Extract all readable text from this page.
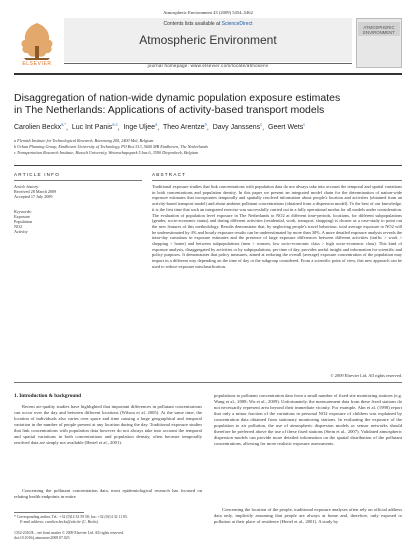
Atmospheric Environment 43 (2009) 5454–5462
ELSEVIER
Contents lists available at ScienceDirect
Atmospheric Environment
ATMOSPHERIC ENVIRONMENT
journal homepage: www.elsevier.com/locate/atmosenv
Disaggregation of nation-wide dynamic population exposure estimates
in The Netherlands: Applications of activity-based transport models
Carolien Beckx$^{a,*}$,  Luc Int Panis$^{a,c}$,  Inge Uljee$^a$,  Theo Arentze$^b$,  Davy Janssens$^c$,  Geert Wets$^c$
a Flemish Institute for Technological Research, Boeretang 200, 2400 Mol, Belgium
b Urban Planning Group, Eindhoven University of Technology, PO Box 513, 5600 MB Eindhoven, The Netherlands
c Transportation Research Institute, Hasselt University, Wetenschapspark 5 bus 6, 3590 Diepenbeek, Belgium
ARTICLE INFO
Article history:
Received 28 March 2009
Accepted 17 July 2009
Keywords:
Exposure
Population
NO2
Activity
ABSTRACT
Traditional exposure studies that link concentrations with population data do not always take into account the temporal and spatial variations in both concentrations and population density. In this paper we present an integrated model chain for the determination of nation-wide exposure estimates that incorporates temporally and spatially resolved information about people's location and activities (obtained from an activity-based transport model) and about ambient pollutant concentrations (obtained from a dispersion model). To the best of our knowledge, it is the first time that such an integrated exercise was successfully carried out in a fully operational modus for all models under consideration. The evaluation of population level exposure in The Netherlands to NO2 at different time-periods, locations, for different subpopulations (gender, socio-economic status) and during different activities (residential, work, transport, shopping) is chosen as a case-study to point out the new features of this methodology. Results demonstrate that, by neglecting people's travel behaviour, total average exposure to NO2 will be underestimated by 4% and hourly exposure results can be underestimated by more than 30%. A more detailed exposure analysis reveals the intra-day variations in exposure estimates and the presence of large exposure differences between different activities (traffic > work > shopping > home) and between subpopulations (men > women, low socio-economic class > high socio-economic class). This kind of exposure analysis, disaggregated by activities or by subpopulations, per time of day, provides useful insight and information for scientific and policy purposes. It demonstrates that policy measures, aimed at reducing the overall (average) exposure concentration of the population may impact in a different way depending on the time of day or the subgroup considered. From a scientific point of view, this new approach can be used to reduce exposure misclassification.
© 2009 Elsevier Ltd. All rights reserved.
1. Introduction & background
Recent air-quality studies have highlighted that important differences in pollutant concentrations can occur over the day and between different locations (Wilson et al, 2005). At the same time, the location of individuals also varies over space and time causing a large geographical and temporal variation in the number of people present at any location during the day. Traditional exposure studies that link concentrations with population data however do not always take into account the temporal and spatial variations in both concentrations and population density, often because temporally resolved data are simply not available (Hertel et al., 2001).
Concerning the pollutant concentration data, most epidemiological research has focused on relating health endpoints in entire
populations to pollutant concentration data from a small number of fixed site monitoring stations (e.g. Wang et al., 2008; Wu et al., 2009). Unfortunately, the measurement data from these fixed stations do not necessarily represent area beyond their immediate vicinity. For example, Ahn et al. (1998) report that only a minor fraction of the variations in personal NO2 exposure of children was explained by concentration data obtained from stationary monitoring stations. In evaluating the exposure of the population to air pollution, the use of atmospheric dispersion models or sensor networks should therefore be preferred above the use of these fixed stations (Stein et al., 2007). Validated atmospheric dispersion models can provide more detailed information on the spatial distribution of the pollutant concentrations, allowing for more realistic exposure assessments.
Concerning the location of the people, traditional exposure analyses often rely on official address data only, implicitly assuming that people are always at home and, therefore, only exposed to pollution at their place of residence (Hertel et al., 2001). A study by
* Corresponding author. Tel.: +32 (0)14 33 59 58; fax: +32 (0)14 32 11 85.
E-mail address: carolien.beckx@vito.be (C. Beckx).
1352-2310/$ – see front matter © 2009 Elsevier Ltd. All rights reserved.
doi:10.1016/j.atmosenv.2009.07.023
